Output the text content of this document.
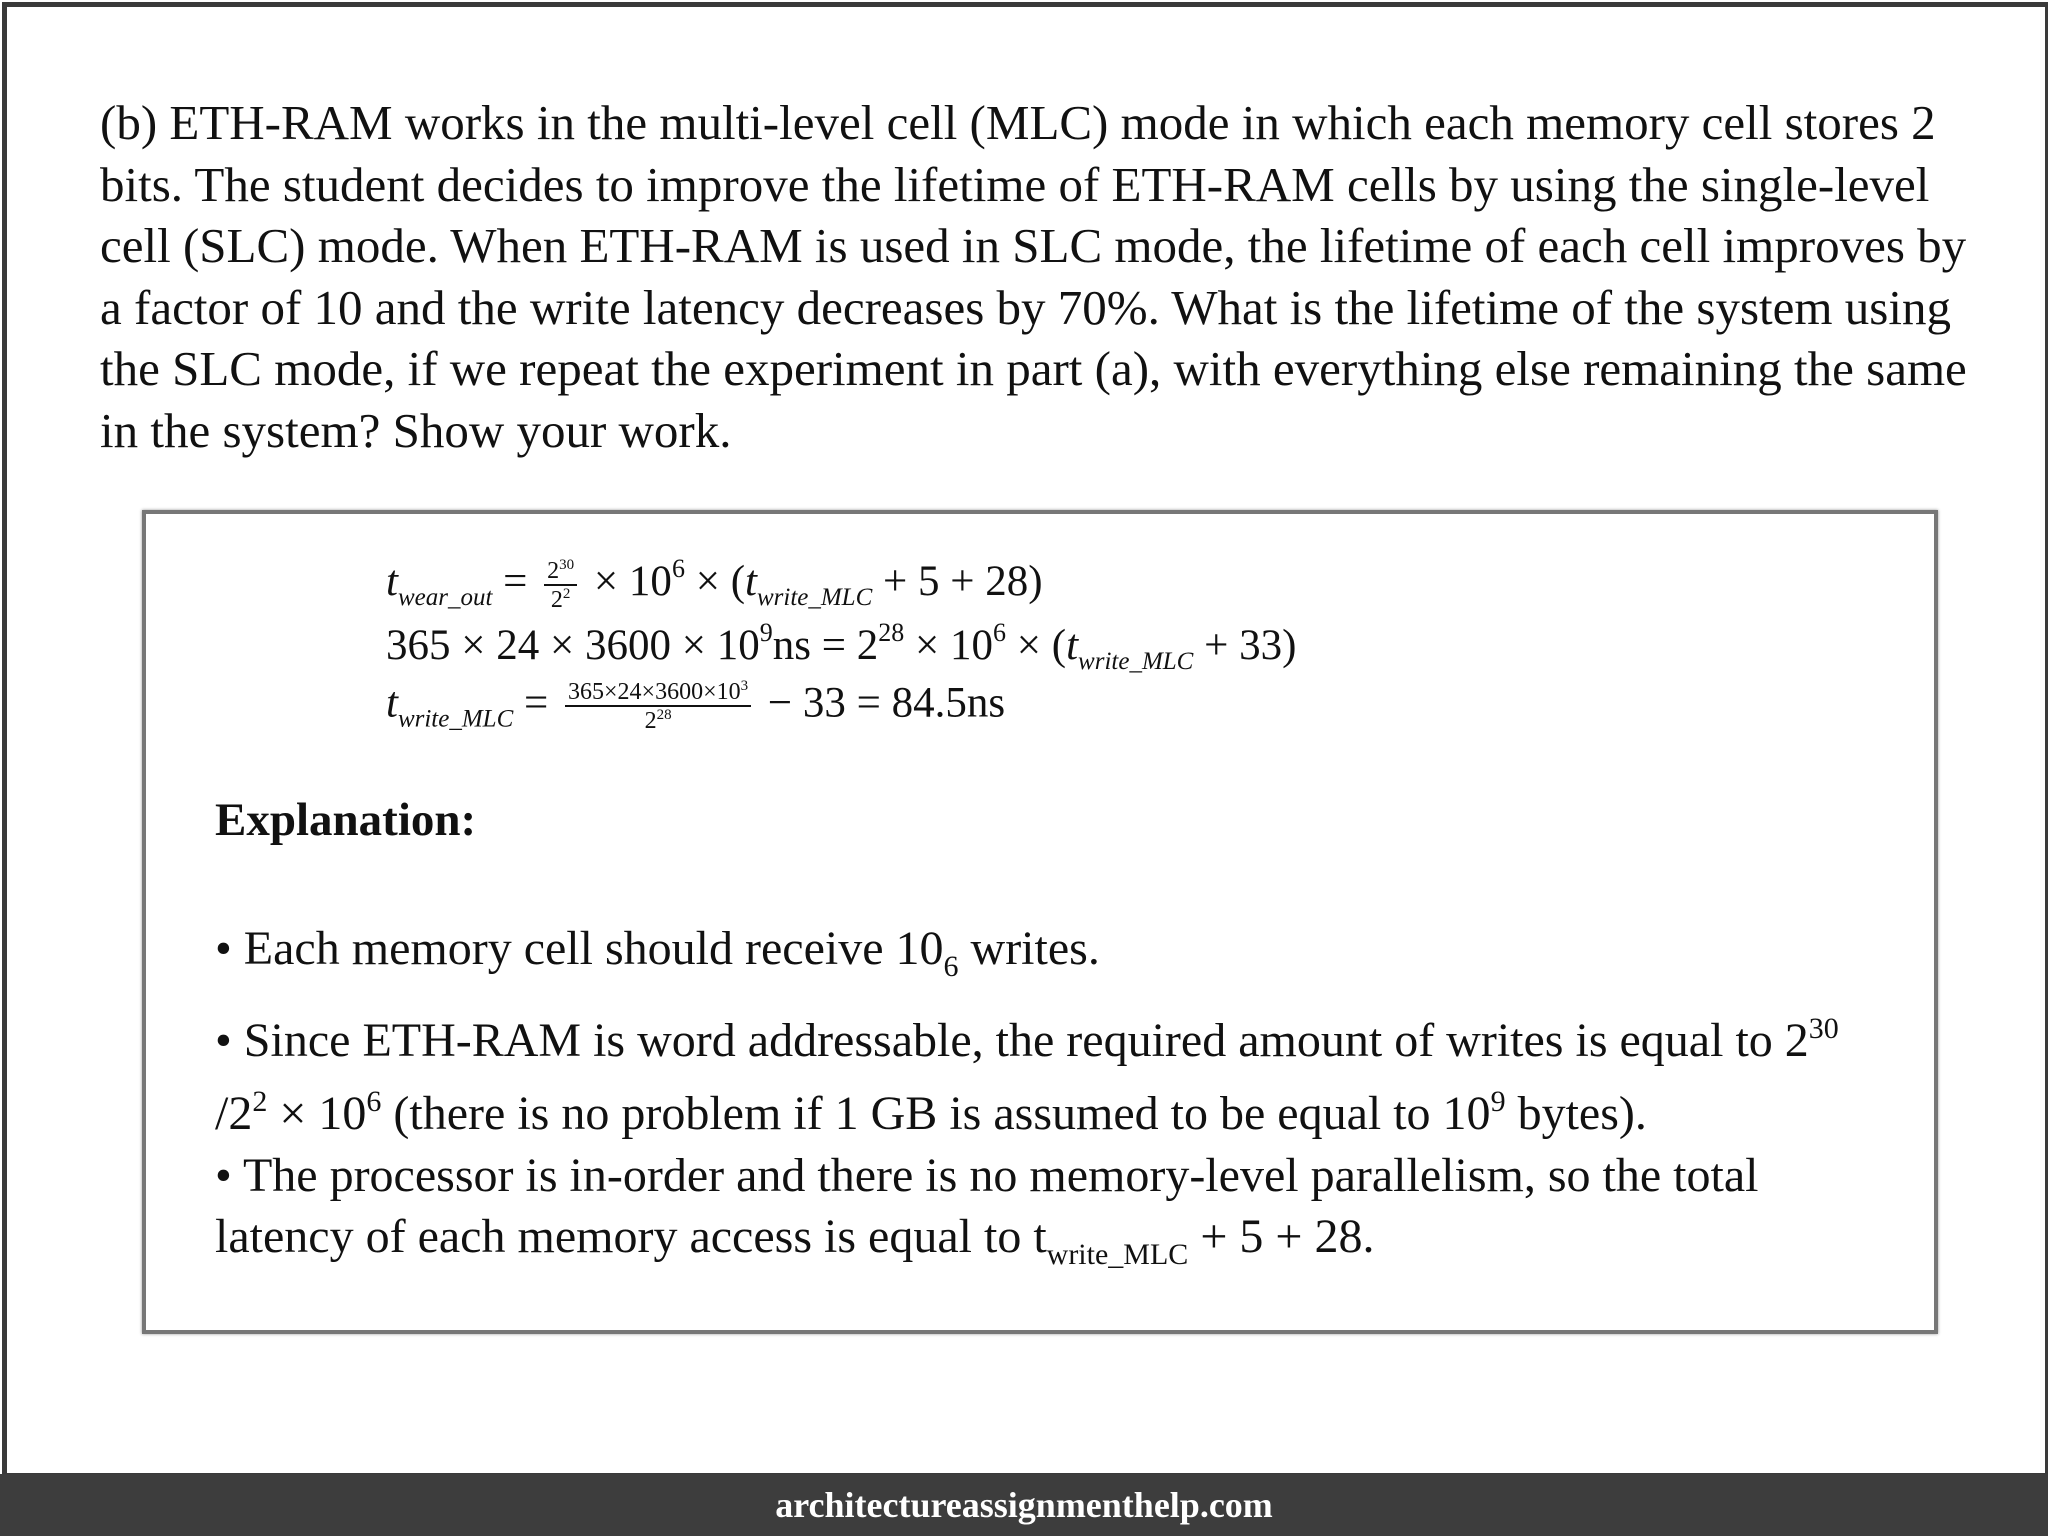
(b) ETH-RAM works in the multi-level cell (MLC) mode in which each memory cell stores 2 bits. The student decides to improve the lifetime of ETH-RAM cells by using the single-level cell (SLC) mode. When ETH-RAM is used in SLC mode, the lifetime of each cell improves by a factor of 10 and the write latency decreases by 70%. What is the lifetime of the system using the SLC mode, if we repeat the experiment in part (a), with everything else remaining the same in the system? Show your work.

$t_{wear\_out} = \frac{2^{30}}{2^2} \times 10^6 \times (t_{write\_MLC} + 5 + 28)$
$365 \times 24 \times 3600 \times 10^9ns = 2^{28} \times 10^6 \times (t_{write\_MLC} + 33)$
$t_{write\_MLC} = \frac{365\times 24\times 3600\times 10^3}{2^{28}} - 33 = 84.5ns$
Explanation:

• Each memory cell should receive $10_6$ writes.

• Since ETH-RAM is word addressable, the required amount of writes is equal to $2^{30}$ $/2^2 \times 10^6$ (there is no problem if 1 GB is assumed to be equal to $10^9$ bytes).

• The processor is in-order and there is no memory-level parallelism, so the total latency of each memory access is equal to $t_{write\_MLC} + 5 + 28$.

architectureassignmenthelp.com
